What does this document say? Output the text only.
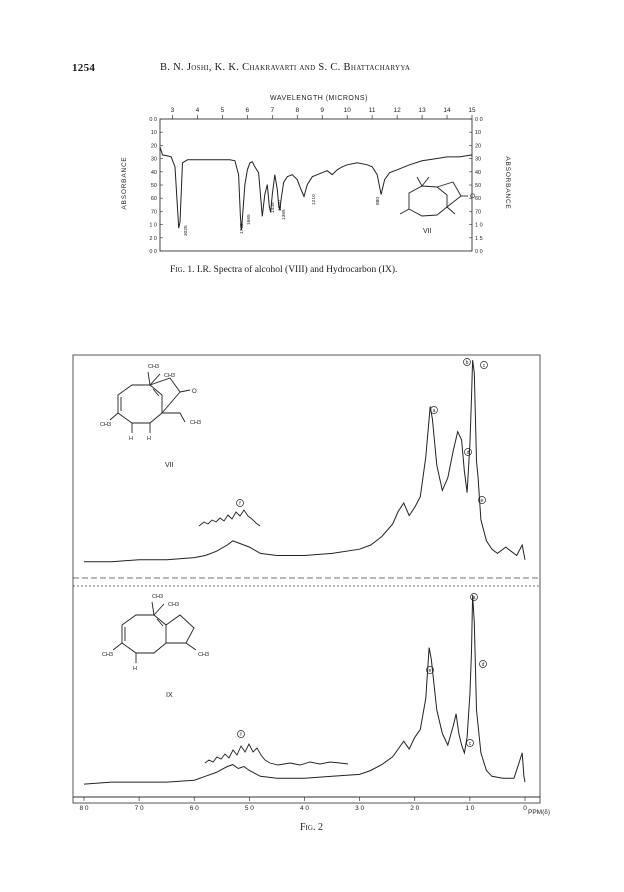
1254	B. N. Joshi, K. K. Chakravarti and S. C. Bhattacharyya
WAVELENGTH (MICRONS)
ABSORBANCE	ABSORBANCE
3	4	5	6	7	8	9	10	11	12	13	14	15
0 0
10
20
30
40
50
60
70
1 0
2 0
0 0
0 0
10
20
30
40
50
60
70
1 0
1 5
0 0
3025	1735
1665
1445 1380
1365
1210	880
O
VII
Fig. 1. I.R. Spectra of alcohol (VIII) and Hydrocarbon (IX).
8 0	7 0	6 0	5 0	4 0	3 0	2 0	1 0	0
PPM(δ)
f
a
d
e
b	c
f
e
c
d
a
CH3
CH3
CH3
CH3
H	H
O
VII
CH3
CH3
CH3
CH3
H
IX
Fig. 2
